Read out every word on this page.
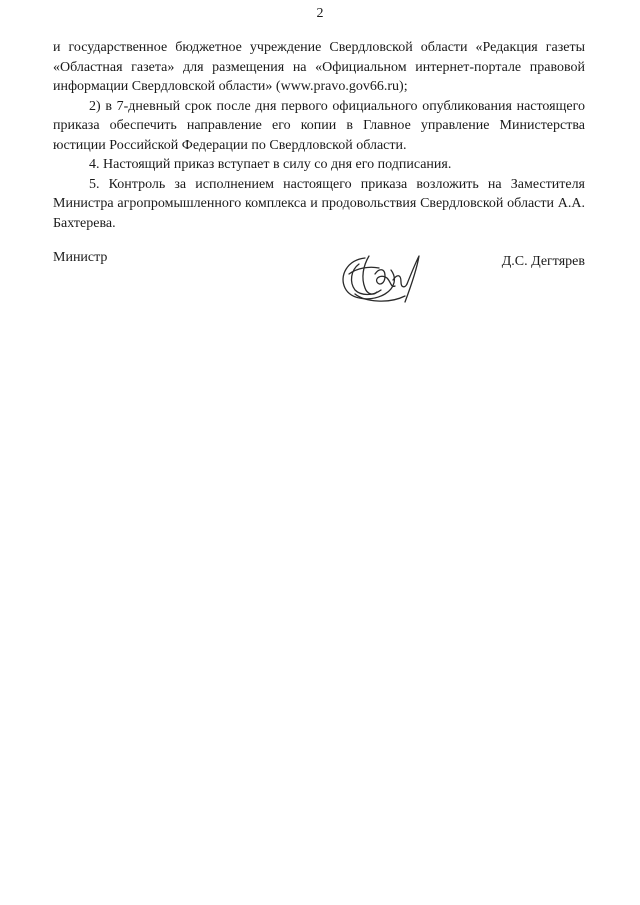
2

и государственное бюджетное учреждение Свердловской области «Редакция газеты «Областная газета» для размещения на «Официальном интернет-портале правовой информации Свердловской области» (www.pravo.gov66.ru);

2) в 7-дневный срок после дня первого официального опубликования настоящего приказа обеспечить направление его копии в Главное управление Министерства юстиции Российской Федерации по Свердловской области.

4. Настоящий приказ вступает в силу со дня его подписания.

5. Контроль за исполнением настоящего приказа возложить на Заместителя Министра агропромышленного комплекса и продовольствия Свердловской области А.А. Бахтерева.

Министр	Д.С. Дегтярев
